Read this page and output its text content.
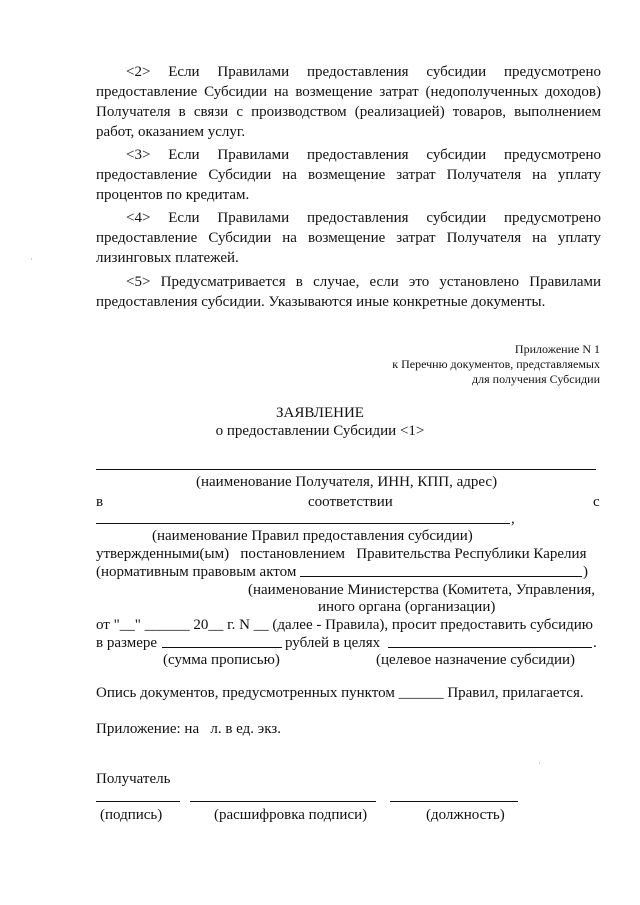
<2> Если Правилами предоставления субсидии предусмотрено предоставление Субсидии на возмещение затрат (недополученных доходов) Получателя в связи с производством (реализацией) товаров, выполнением работ, оказанием услуг.
<3> Если Правилами предоставления субсидии предусмотрено предоставление Субсидии на возмещение затрат Получателя на уплату процентов по кредитам.
<4> Если Правилами предоставления субсидии предусмотрено предоставление Субсидии на возмещение затрат Получателя на уплату лизинговых платежей.
<5> Предусматривается в случае, если это установлено Правилами предоставления субсидии. Указываются иные конкретные документы.
Приложение N 1
к Перечню документов, представляемых
для получения Субсидии
ЗАЯВЛЕНИЕ
о предоставлении Субсидии <1>
(наименование Получателя, ИНН, КПП, адрес)
в	соответствии	с
,
(наименование Правил предоставления субсидии)
утвержденными(ым)   постановлением   Правительства Республики Карелия
(нормативным правовым актом	)
(наименование Министерства (Комитета, Управления,
иного органа (организации)
от "__" ______ 20__ г. N __ (далее - Правила), просит предоставить субсидию
в размере	рублей в целях	.
(сумма прописью)	(целевое назначение субсидии)
Опись документов, предусмотренных пунктом ______ Правил, прилагается.
Приложение: на   л. в ед. экз.
Получатель
(подпись)	(расшифровка подписи)	(должность)
·
·
